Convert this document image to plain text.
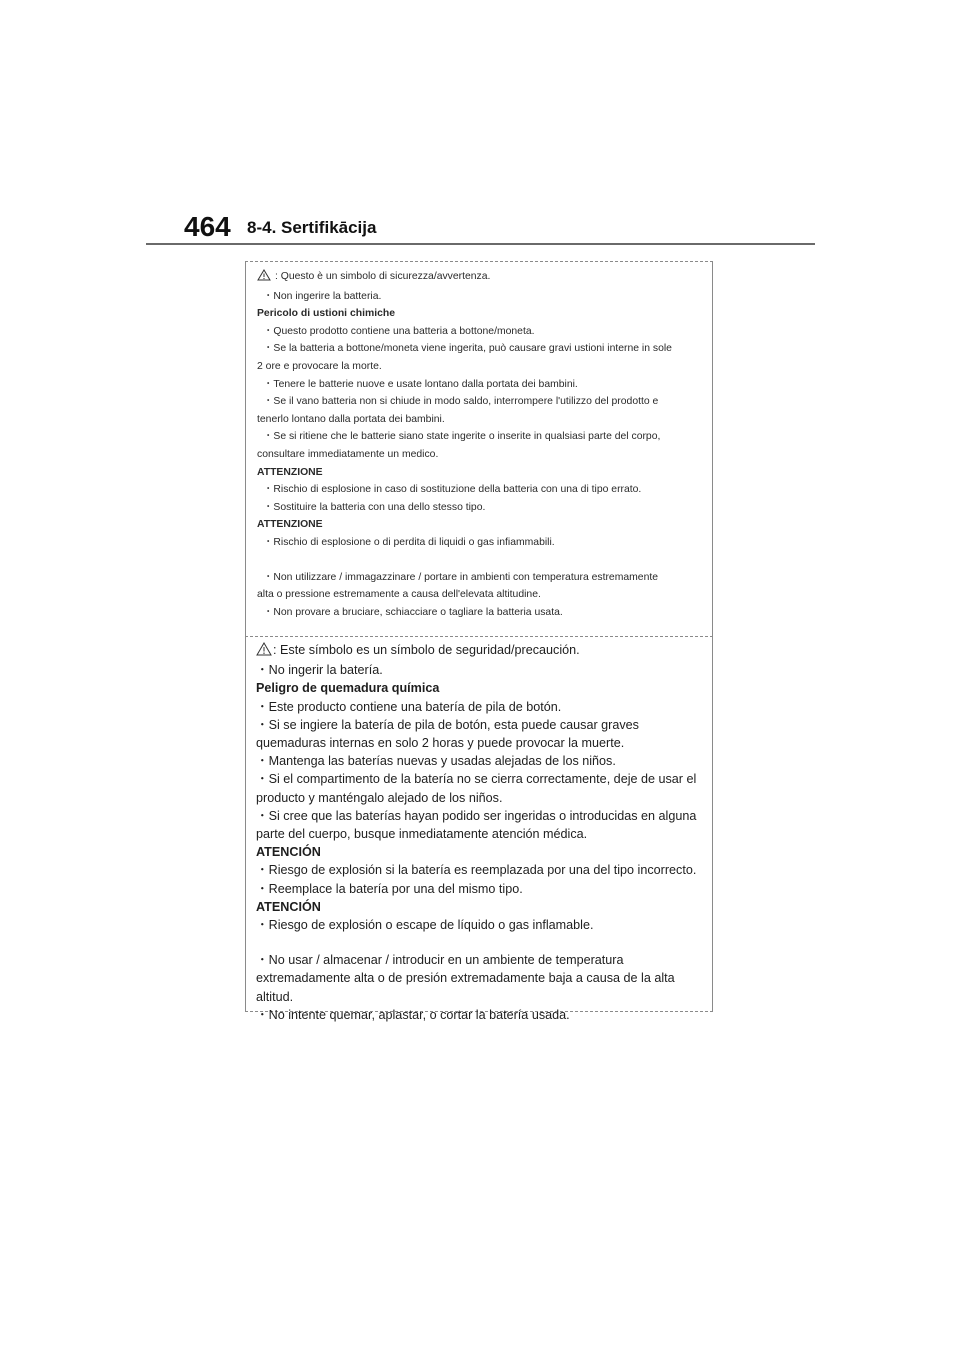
464 8-4. Sertifikācija
: Questo è un simbolo di sicurezza/avvertenza.
・ Non ingerire la batteria.
Pericolo di ustioni chimiche
・ Questo prodotto contiene una batteria a bottone/moneta.
・ Se la batteria a bottone/moneta viene ingerita, può causare gravi ustioni interne in sole
2 ore e provocare la morte.
・ Tenere le batterie nuove e usate lontano dalla portata dei bambini.
・ Se il vano batteria non si chiude in modo saldo, interrompere l'utilizzo del prodotto e
tenerlo lontano dalla portata dei bambini.
・ Se si ritiene che le batterie siano state ingerite o inserite in qualsiasi parte del corpo,
consultare immediatamente un medico.
ATTENZIONE
・ Rischio di esplosione in caso di sostituzione della batteria con una di tipo errato.
・ Sostituire la batteria con una dello stesso tipo.
ATTENZIONE
・ Rischio di esplosione o di perdita di liquidi o gas infiammabili.
・ Non utilizzare / immagazzinare / portare in ambienti con temperatura estremamente
alta o pressione estremamente a causa dell'elevata altitudine.
・ Non provare a bruciare, schiacciare o tagliare la batteria usata.
: Este símbolo es un símbolo de seguridad/precaución.
・ No ingerir la batería.
Peligro de quemadura química
・ Este producto contiene una batería de pila de botón.
・ Si se ingiere la batería de pila de botón, esta puede causar graves
quemaduras internas en solo 2 horas y puede provocar la muerte.
・ Mantenga las baterías nuevas y usadas alejadas de los niños.
・ Si el compartimento de la batería no se cierra correctamente, deje de usar el
producto y manténgalo alejado de los niños.
・ Si cree que las baterías hayan podido ser ingeridas o introducidas en alguna
parte del cuerpo, busque inmediatamente atención médica.
ATENCIÓN
・ Riesgo de explosión si la batería es reemplazada por una del tipo incorrecto.
・ Reemplace la batería por una del mismo tipo.
ATENCIÓN
・ Riesgo de explosión o escape de líquido o gas inflamable.
・ No usar / almacenar / introducir en un ambiente de temperatura
extremadamente alta o de presión extremadamente baja a causa de la alta
altitud.
・ No intente quemar, aplastar, o cortar la batería usada.
